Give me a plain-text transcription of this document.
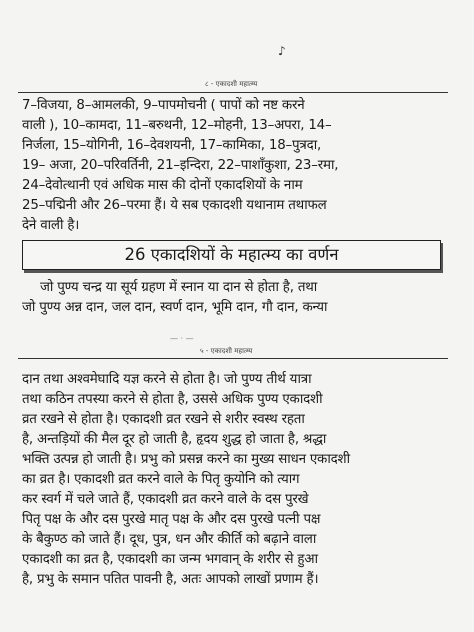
♪
८ - एकादशी महात्म्य
7–विजया, 8–आमलकी, 9–पापमोचनी ( पापों को नष्ट करने
वाली ), 10–कामदा, 11–बरुथनी, 12–मोहनी, 13–अपरा, 14–
निर्जला, 15–योगिनी, 16–देवशयनी, 17–कामिका, 18–पुत्रदा,
19– अजा, 20–परिवर्तिनी, 21–इन्दिरा, 22–पाशाँकुशा, 23–रमा,
24–देवोत्थानी एवं अधिक मास की दोनों एकादशियों के नाम
25–पद्मिनी और 26–परमा हैं। ये सब एकादशी यथानाम तथाफल
देने वाली है।
26 एकादशियों के महात्म्य का वर्णन
जो पुण्य चन्द्र या सूर्य ग्रहण में स्नान या दान से होता है, तथा
जो पुण्य अन्न दान, जल दान, स्वर्ण दान, भूमि दान, गौ दान, कन्या
— · —
५ - एकादशी महात्म्य
दान तथा अश्वमेघादि यज्ञ करने से होता है। जो पुण्य तीर्थ यात्रा
तथा कठिन तपस्या करने से होता है, उससे अधिक पुण्य एकादशी
व्रत रखने से होता है। एकादशी व्रत रखने से शरीर स्वस्थ रहता
है, अन्तड़ियों की मैल दूर हो जाती है, हृदय शुद्ध हो जाता है, श्रद्धा
भक्ति उत्पन्न हो जाती है। प्रभु को प्रसन्न करने का मुख्य साधन एकादशी
का व्रत है। एकादशी व्रत करने वाले के पितृ कुयोनि को त्याग
कर स्वर्ग में चले जाते हैं, एकादशी व्रत करने वाले के दस पुरखे
पितृ पक्ष के और दस पुरखे मातृ पक्ष के और दस पुरखे पत्नी पक्ष
के बैकुण्ठ को जाते हैं। दूध, पुत्र, धन और कीर्ति को बढ़ाने वाला
एकादशी का व्रत है, एकादशी का जन्म भगवान् के शरीर से हुआ
है, प्रभु के समान पतित पावनी है, अतः आपको लाखों प्रणाम हैं।
